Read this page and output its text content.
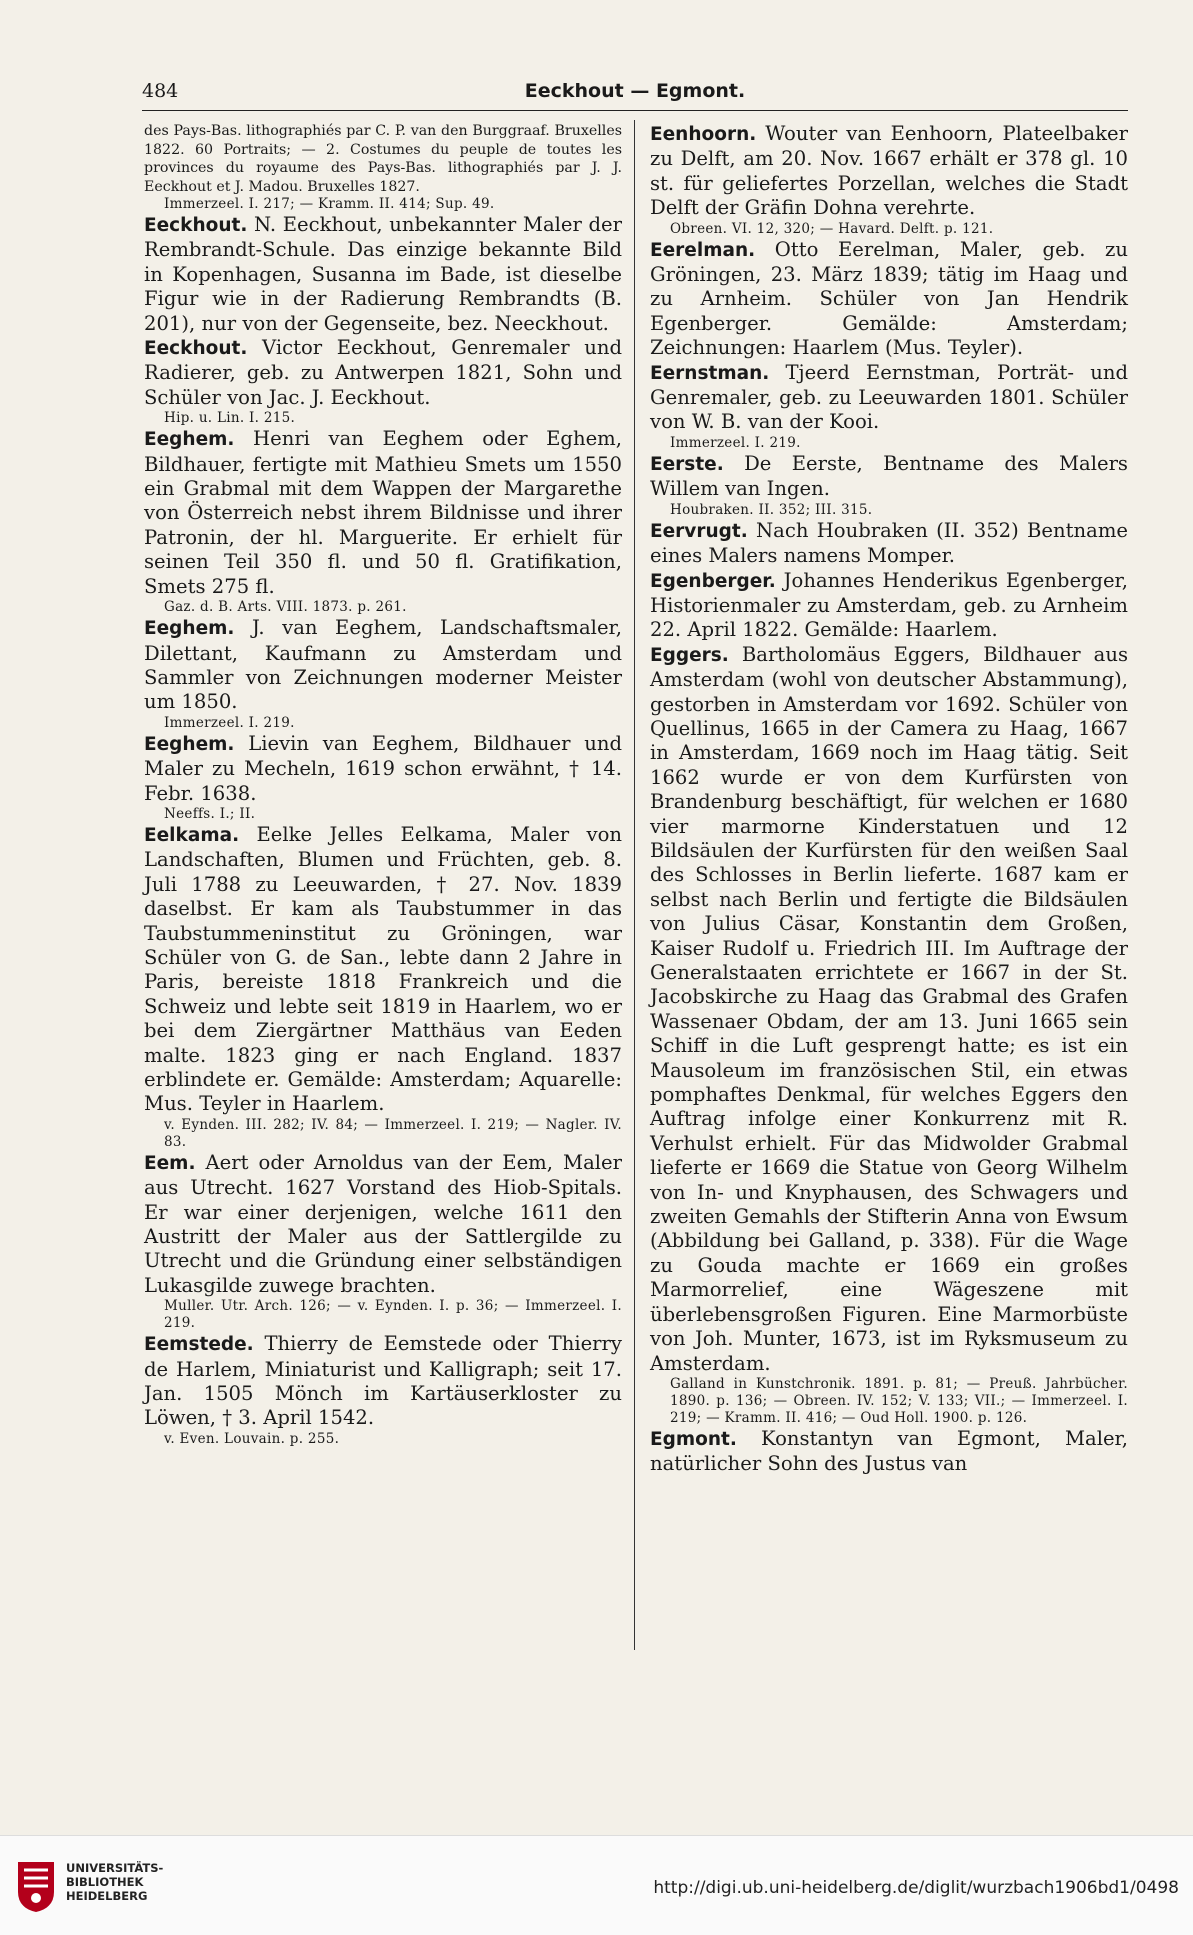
484	Eeckhout — Egmont.

des Pays-Bas. lithographiés par C. P. van den Burggraaf. Bruxelles 1822. 60 Portraits; — 2. Costumes du peuple de toutes les provinces du royaume des Pays-Bas. lithographiés par J. J. Eeckhout et J. Madou. Bruxelles 1827.

Immerzeel. I. 217; — Kramm. II. 414; Sup. 49.

Eeckhout. N. Eeckhout, unbekannter Maler der Rembrandt-Schule. Das einzige bekannte Bild in Kopenhagen, Susanna im Bade, ist dieselbe Figur wie in der Radierung Rembrandts (B. 201), nur von der Gegenseite, bez. Neeckhout.

Eeckhout. Victor Eeckhout, Genremaler und Radierer, geb. zu Antwerpen 1821, Sohn und Schüler von Jac. J. Eeckhout.

Hip. u. Lin. I. 215.

Eeghem. Henri van Eeghem oder Eghem, Bildhauer, fertigte mit Mathieu Smets um 1550 ein Grabmal mit dem Wappen der Margarethe von Österreich nebst ihrem Bildnisse und ihrer Patronin, der hl. Marguerite. Er erhielt für seinen Teil 350 fl. und 50 fl. Gratifikation, Smets 275 fl.

Gaz. d. B. Arts. VIII. 1873. p. 261.

Eeghem. J. van Eeghem, Landschaftsmaler, Dilettant, Kaufmann zu Amsterdam und Sammler von Zeichnungen moderner Meister um 1850.

Immerzeel. I. 219.

Eeghem. Lievin van Eeghem, Bildhauer und Maler zu Mecheln, 1619 schon erwähnt, † 14. Febr. 1638.

Neeffs. I.; II.

Eelkama. Eelke Jelles Eelkama, Maler von Landschaften, Blumen und Früchten, geb. 8. Juli 1788 zu Leeuwarden, † 27. Nov. 1839 daselbst. Er kam als Taubstummer in das Taubstummeninstitut zu Gröningen, war Schüler von G. de San., lebte dann 2 Jahre in Paris, bereiste 1818 Frankreich und die Schweiz und lebte seit 1819 in Haarlem, wo er bei dem Ziergärtner Matthäus van Eeden malte. 1823 ging er nach England. 1837 erblindete er. Gemälde: Amsterdam; Aquarelle: Mus. Teyler in Haarlem.

v. Eynden. III. 282; IV. 84; — Immerzeel. I. 219; — Nagler. IV. 83.

Eem. Aert oder Arnoldus van der Eem, Maler aus Utrecht. 1627 Vorstand des Hiob-Spitals. Er war einer derjenigen, welche 1611 den Austritt der Maler aus der Sattlergilde zu Utrecht und die Gründung einer selbständigen Lukasgilde zuwege brachten.

Muller. Utr. Arch. 126; — v. Eynden. I. p. 36; — Immerzeel. I. 219.

Eemstede. Thierry de Eemstede oder Thierry de Harlem, Miniaturist und Kalligraph; seit 17. Jan. 1505 Mönch im Kartäuserkloster zu Löwen, † 3. April 1542.

v. Even. Louvain. p. 255.

Eenhoorn. Wouter van Eenhoorn, Plateelbaker zu Delft, am 20. Nov. 1667 erhält er 378 gl. 10 st. für geliefertes Porzellan, welches die Stadt Delft der Gräfin Dohna verehrte.

Obreen. VI. 12, 320; — Havard. Delft. p. 121.

Eerelman. Otto Eerelman, Maler, geb. zu Gröningen, 23. März 1839; tätig im Haag und zu Arnheim. Schüler von Jan Hendrik Egenberger. Gemälde: Amsterdam; Zeichnungen: Haarlem (Mus. Teyler).

Eernstman. Tjeerd Eernstman, Porträt- und Genremaler, geb. zu Leeuwarden 1801. Schüler von W. B. van der Kooi.

Immerzeel. I. 219.

Eerste. De Eerste, Bentname des Malers Willem van Ingen.

Houbraken. II. 352; III. 315.

Eervrugt. Nach Houbraken (II. 352) Bentname eines Malers namens Momper.

Egenberger. Johannes Henderikus Egenberger, Historienmaler zu Amsterdam, geb. zu Arnheim 22. April 1822. Gemälde: Haarlem.

Eggers. Bartholomäus Eggers, Bildhauer aus Amsterdam (wohl von deutscher Abstammung), gestorben in Amsterdam vor 1692. Schüler von Quellinus, 1665 in der Camera zu Haag, 1667 in Amsterdam, 1669 noch im Haag tätig. Seit 1662 wurde er von dem Kurfürsten von Brandenburg beschäftigt, für welchen er 1680 vier marmorne Kinderstatuen und 12 Bildsäulen der Kurfürsten für den weißen Saal des Schlosses in Berlin lieferte. 1687 kam er selbst nach Berlin und fertigte die Bildsäulen von Julius Cäsar, Konstantin dem Großen, Kaiser Rudolf u. Friedrich III. Im Auftrage der Generalstaaten errichtete er 1667 in der St. Jacobskirche zu Haag das Grabmal des Grafen Wassenaer Obdam, der am 13. Juni 1665 sein Schiff in die Luft gesprengt hatte; es ist ein Mausoleum im französischen Stil, ein etwas pomphaftes Denkmal, für welches Eggers den Auftrag infolge einer Konkurrenz mit R. Verhulst erhielt. Für das Midwolder Grabmal lieferte er 1669 die Statue von Georg Wilhelm von In- und Knyphausen, des Schwagers und zweiten Gemahls der Stifterin Anna von Ewsum (Abbildung bei Galland, p. 338). Für die Wage zu Gouda machte er 1669 ein großes Marmorrelief, eine Wägeszene mit überlebensgroßen Figuren. Eine Marmorbüste von Joh. Munter, 1673, ist im Ryksmuseum zu Amsterdam.

Galland in Kunstchronik. 1891. p. 81; — Preuß. Jahrbücher. 1890. p. 136; — Obreen. IV. 152; V. 133; VII.; — Immerzeel. I. 219; — Kramm. II. 416; — Oud Holl. 1900. p. 126.

Egmont. Konstantyn van Egmont, Maler, natürlicher Sohn des Justus van

UNIVERSITÄTS-
BIBLIOTHEK
HEIDELBERG	http://digi.ub.uni-heidelberg.de/diglit/wurzbach1906bd1/0498
